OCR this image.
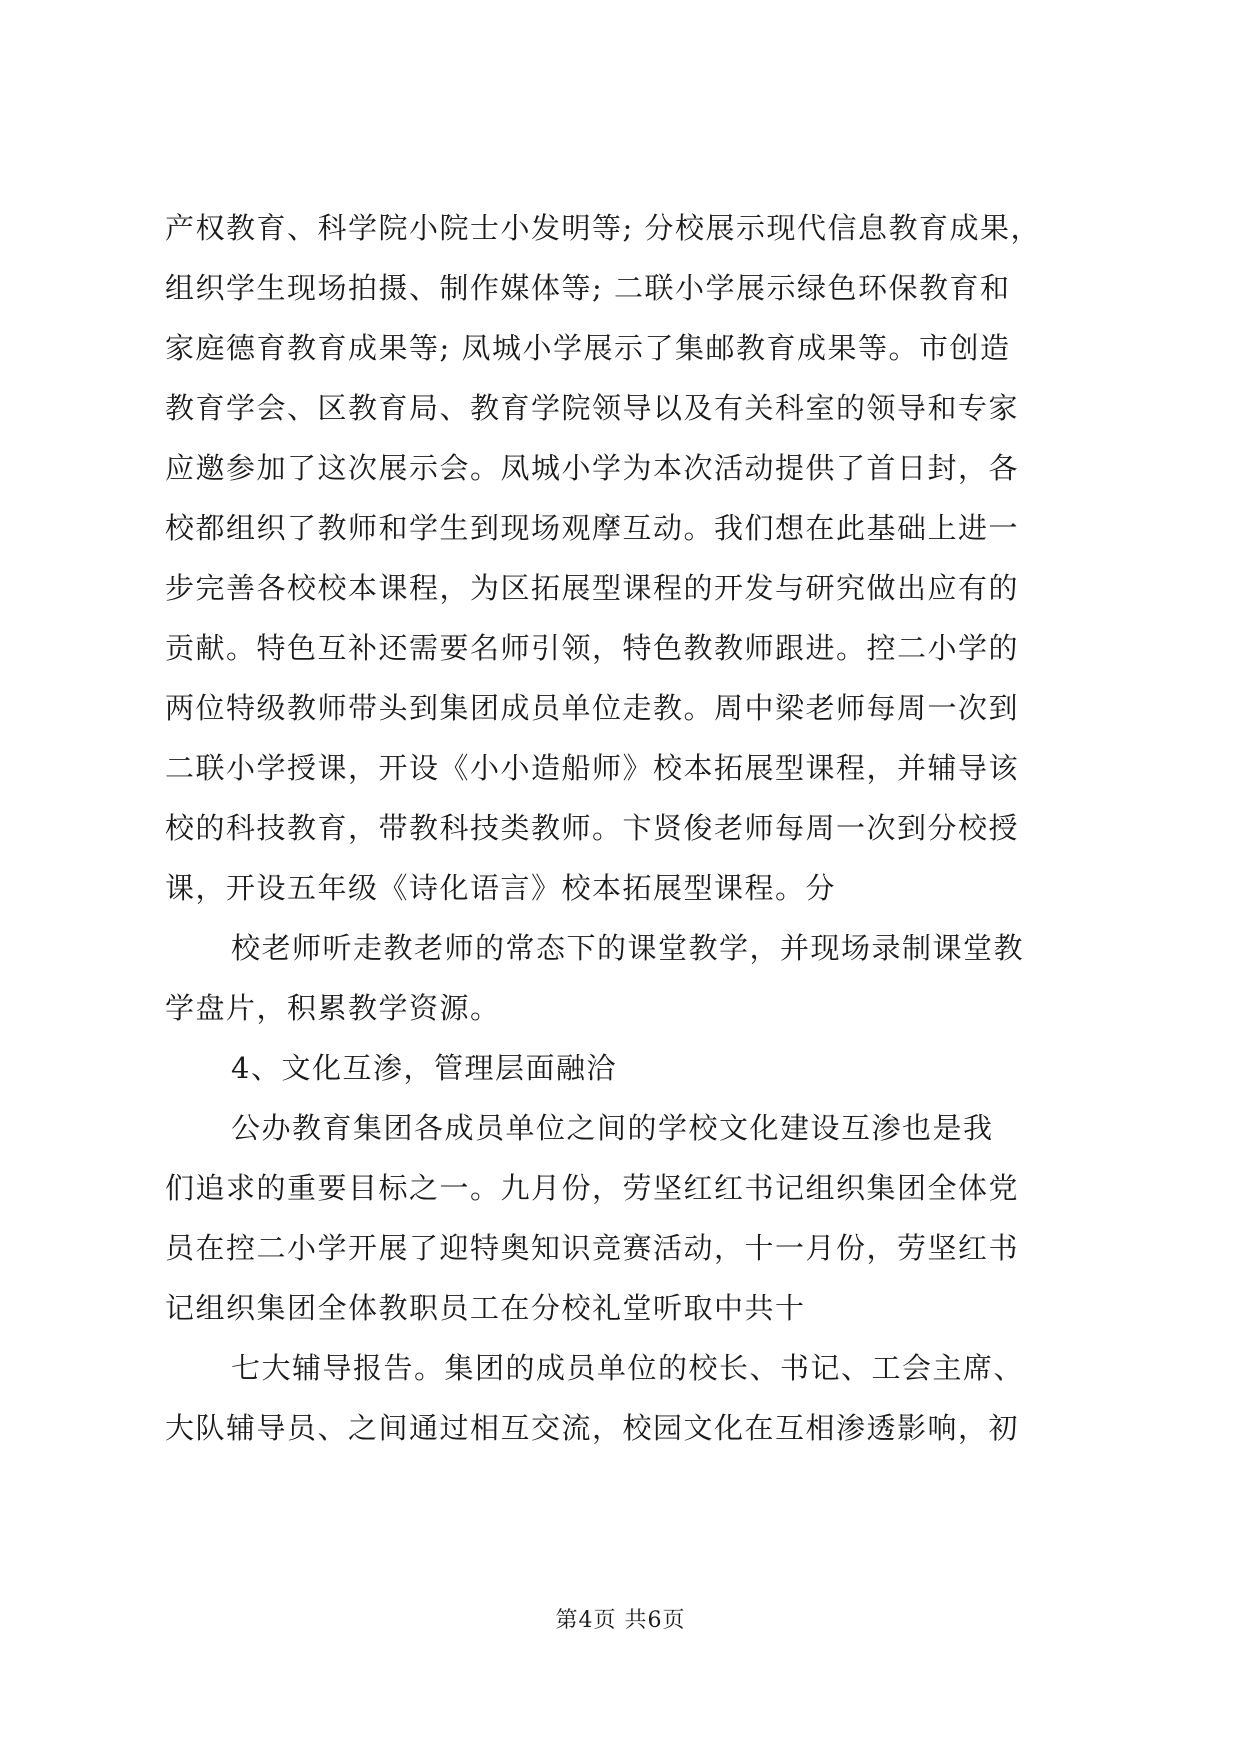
产权教育、科学院小院士小发明等; 分校展示现代信息教育成果，
组织学生现场拍摄、制作媒体等; 二联小学展示绿色环保教育和
家庭德育教育成果等; 凤城小学展示了集邮教育成果等。市创造
教育学会、区教育局、教育学院领导以及有关科室的领导和专家
应邀参加了这次展示会。凤城小学为本次活动提供了首日封，各
校都组织了教师和学生到现场观摩互动。我们想在此基础上进一
步完善各校校本课程，为区拓展型课程的开发与研究做出应有的
贡献。特色互补还需要名师引领，特色教教师跟进。控二小学的
两位特级教师带头到集团成员单位走教。周中梁老师每周一次到
二联小学授课，开设《小小造船师》校本拓展型课程，并辅导该
校的科技教育，带教科技类教师。卞贤俊老师每周一次到分校授
课，开设五年级《诗化语言》校本拓展型课程。分
校老师听走教老师的常态下的课堂教学，并现场录制课堂教
学盘片，积累教学资源。
4、文化互渗，管理层面融洽
公办教育集团各成员单位之间的学校文化建设互渗也是我
们追求的重要目标之一。九月份，劳坚红红书记组织集团全体党
员在控二小学开展了迎特奥知识竞赛活动，十一月份，劳坚红书
记组织集团全体教职员工在分校礼堂听取中共十
七大辅导报告。集团的成员单位的校长、书记、工会主席、
大队辅导员、之间通过相互交流，校园文化在互相渗透影响，初
第4页 共6页
